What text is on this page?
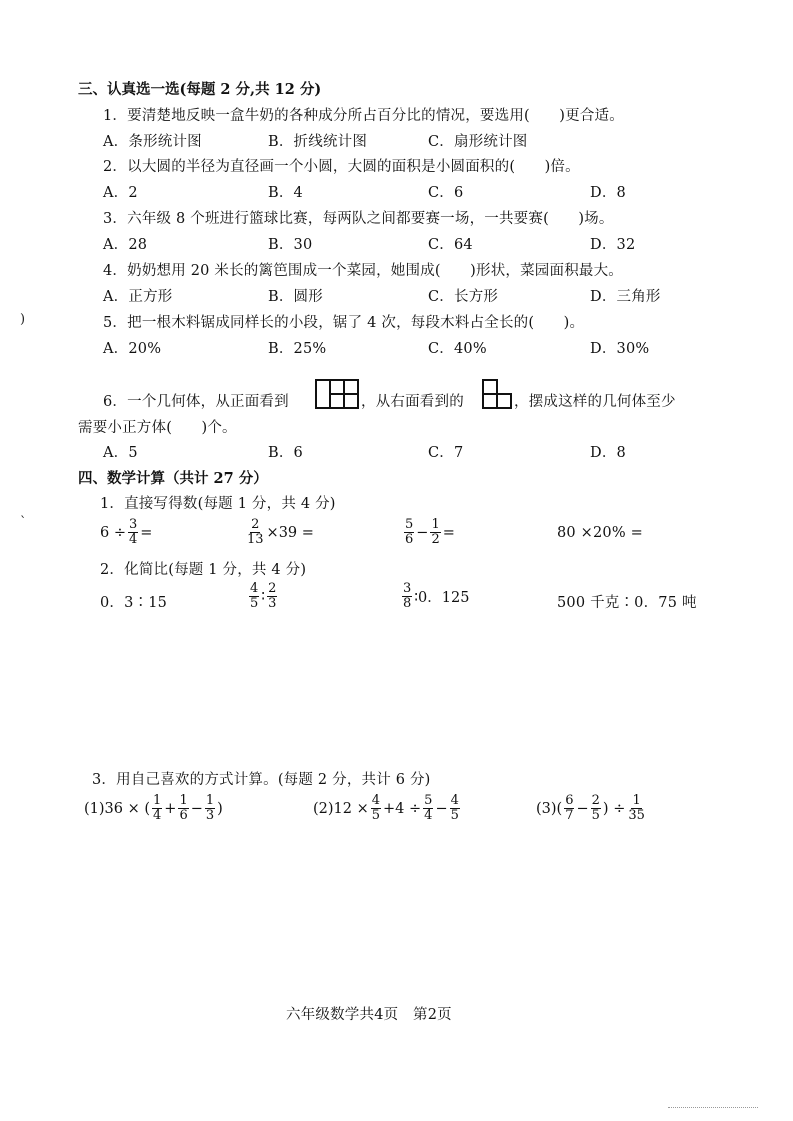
三、认真选一选(每题 2 分,共 12 分)
1．要清楚地反映一盒牛奶的各种成分所占百分比的情况，要选用(　　)更合适。
A．条形统计图	B．折线统计图	C．扇形统计图
2．以大圆的半径为直径画一个小圆，大圆的面积是小圆面积的(　　)倍。
A．2	B．4	C．6	D．8
3．六年级 8 个班进行篮球比赛，每两队之间都要赛一场，一共要赛(　　)场。
A．28	B．30	C．64	D．32
4．奶奶想用 20 米长的篱笆围成一个菜园，她围成(　　)形状，菜园面积最大。
A．正方形	B．圆形	C．长方形	D．三角形
)	5．把一根木料锯成同样长的小段，锯了 4 次，每段木料占全长的(　　)。
A．20%	B．25%	C．40%	D．30%
6．一个几何体，从正面看到	，从右面看到的	，摆成这样的几何体至少
需要小正方体(　　)个。
A．5	B．6	C．7	D．8
四、数学计算（共计 27 分）
1．直接写得数(每题 1 分，共 4 分)
`
$6 \div \frac{3}{4}$ =	$\frac{2}{13} \times 39$ =	$\frac{5}{6} - \frac{1}{2}$ =	80 ×20% =
2．化简比(每题 1 分，共 4 分)
0．3∶15	$\frac{4}{5}$ ∶ $\frac{2}{3}$	$\frac{3}{8}$ ∶0．125	500 千克∶0．75 吨
3．用自己喜欢的方式计算。(每题 2 分，共计 6 分)
(1)36 × ( $\frac{1}{4} + \frac{1}{6} - \frac{1}{3}$ )	$(2)12 \times \frac{4}{5} +4 \div \frac{5}{4} - \frac{4}{5}$	$(3)( \frac{6}{7} - \frac{2}{5}$ ) ÷ $\frac{1}{35}$
六年级数学共4页　第2页
